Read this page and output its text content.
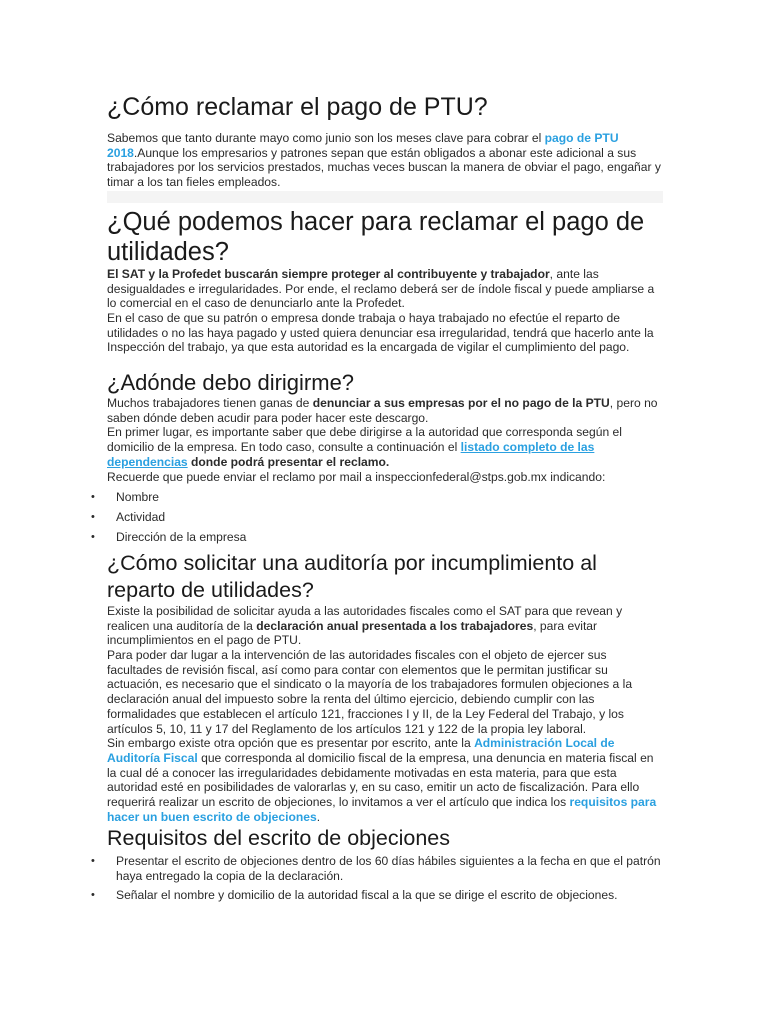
¿Cómo reclamar el pago de PTU?

Sabemos que tanto durante mayo como junio son los meses clave para cobrar el pago de PTU 2018.Aunque los empresarios y patrones sepan que están obligados a abonar este adicional a sus trabajadores por los servicios prestados, muchas veces buscan la manera de obviar el pago, engañar y timar a los tan fieles empleados.

¿Qué podemos hacer para reclamar el pago de utilidades?

El SAT y la Profedet buscarán siempre proteger al contribuyente y trabajador, ante las desigualdades e irregularidades. Por ende, el reclamo deberá ser de índole fiscal y puede ampliarse a lo comercial en el caso de denunciarlo ante la Profedet.

En el caso de que su patrón o empresa donde trabaja o haya trabajado no efectúe el reparto de utilidades o no las haya pagado y usted quiera denunciar esa irregularidad, tendrá que hacerlo ante la Inspección del trabajo, ya que esta autoridad es la encargada de vigilar el cumplimiento del pago.

¿Adónde debo dirigirme?

Muchos trabajadores tienen ganas de denunciar a sus empresas por el no pago de la PTU, pero no saben dónde deben acudir para poder hacer este descargo.

En primer lugar, es importante saber que debe dirigirse a la autoridad que corresponda según el domicilio de la empresa. En todo caso, consulte a continuación el listado completo de las dependencias donde podrá presentar el reclamo.

Recuerde que puede enviar el reclamo por mail a inspeccionfederal@stps.gob.mx indicando:

• Nombre
• Actividad
• Dirección de la empresa
¿Cómo solicitar una auditoría por incumplimiento al reparto de utilidades?

Existe la posibilidad de solicitar ayuda a las autoridades fiscales como el SAT para que revean y realicen una auditoría de la declaración anual presentada a los trabajadores, para evitar incumplimientos en el pago de PTU.

Para poder dar lugar a la intervención de las autoridades fiscales con el objeto de ejercer sus facultades de revisión fiscal, así como para contar con elementos que le permitan justificar su actuación, es necesario que el sindicato o la mayoría de los trabajadores formulen objeciones a la declaración anual del impuesto sobre la renta del último ejercicio, debiendo cumplir con las formalidades que establecen el artículo 121, fracciones I y II, de la Ley Federal del Trabajo, y los artículos 5, 10, 11 y 17 del Reglamento de los artículos 121 y 122 de la propia ley laboral.

Sin embargo existe otra opción que es presentar por escrito, ante la Administración Local de Auditoría Fiscal que corresponda al domicilio fiscal de la empresa, una denuncia en materia fiscal en la cual dé a conocer las irregularidades debidamente motivadas en esta materia, para que esta autoridad esté en posibilidades de valorarlas y, en su caso, emitir un acto de fiscalización. Para ello requerirá realizar un escrito de objeciones, lo invitamos a ver el artículo que indica los requisitos para hacer un buen escrito de objeciones.

Requisitos del escrito de objeciones
• Presentar el escrito de objeciones dentro de los 60 días hábiles siguientes a la fecha en que el patrón haya entregado la copia de la declaración.
• Señalar el nombre y domicilio de la autoridad fiscal a la que se dirige el escrito de objeciones.
